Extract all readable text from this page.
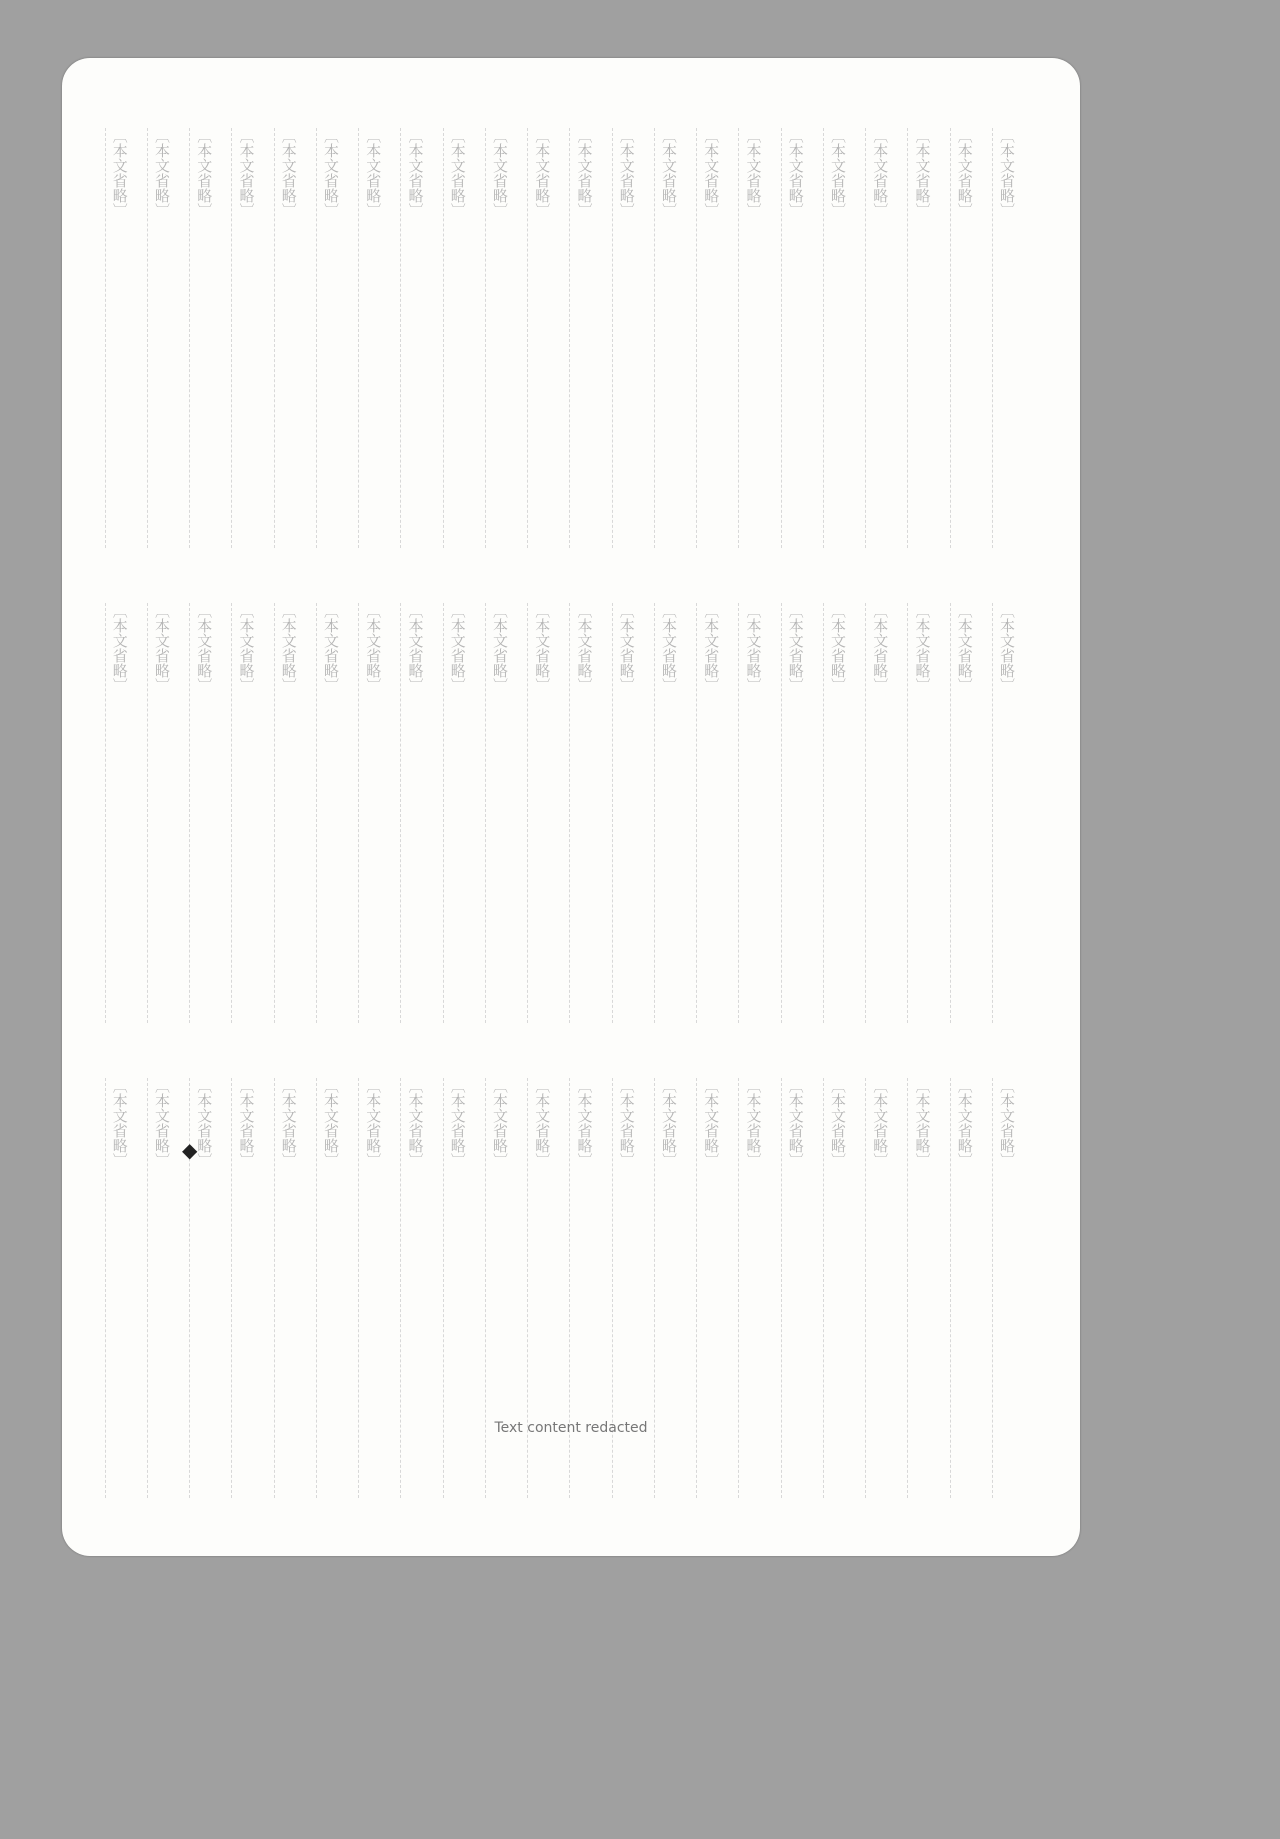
〔本文省略〕
〔本文省略〕
〔本文省略〕
〔本文省略〕
〔本文省略〕
〔本文省略〕
〔本文省略〕
〔本文省略〕
〔本文省略〕
〔本文省略〕
〔本文省略〕
〔本文省略〕
〔本文省略〕
〔本文省略〕
〔本文省略〕
〔本文省略〕
〔本文省略〕
〔本文省略〕
〔本文省略〕
〔本文省略〕
〔本文省略〕
〔本文省略〕
〔本文省略〕
〔本文省略〕
〔本文省略〕
〔本文省略〕
〔本文省略〕
〔本文省略〕
〔本文省略〕
〔本文省略〕
〔本文省略〕
〔本文省略〕
〔本文省略〕
〔本文省略〕
〔本文省略〕
〔本文省略〕
〔本文省略〕
〔本文省略〕
〔本文省略〕
〔本文省略〕
〔本文省略〕
〔本文省略〕
〔本文省略〕
〔本文省略〕
〔本文省略〕
〔本文省略〕
〔本文省略〕
〔本文省略〕
〔本文省略〕
〔本文省略〕
〔本文省略〕
〔本文省略〕
〔本文省略〕
〔本文省略〕
〔本文省略〕
〔本文省略〕
〔本文省略〕
〔本文省略〕
〔本文省略〕
〔本文省略〕
〔本文省略〕
〔本文省略〕
〔本文省略〕
〔本文省略〕
〔本文省略〕
〔本文省略〕	◆
Text content redacted
